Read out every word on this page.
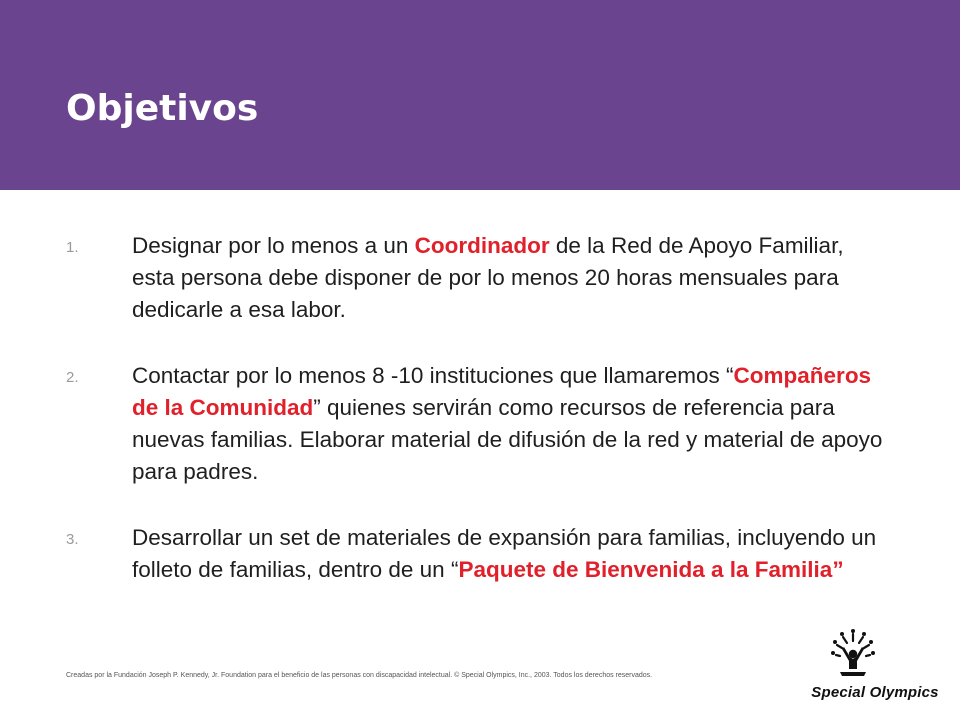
Objetivos
1. Designar por lo menos a un Coordinador de la Red de Apoyo Familiar, esta persona debe disponer de por lo menos 20 horas mensuales para dedicarle a esa labor.
2. Contactar por lo menos 8 -10 instituciones que llamaremos “Compañeros de la Comunidad” quienes servirán como recursos de referencia para nuevas familias. Elaborar material de difusión de la red y material de apoyo para padres.
3. Desarrollar un set de materiales de expansión para familias, incluyendo un folleto de familias, dentro de un “Paquete de Bienvenida a la Familia”
Creadas por la Fundación Joseph P. Kennedy, Jr. Foundation para el beneficio de las personas con discapacidad intelectual. © Special Olympics, Inc., 2003. Todos los derechos reservados.
Special Olympics
